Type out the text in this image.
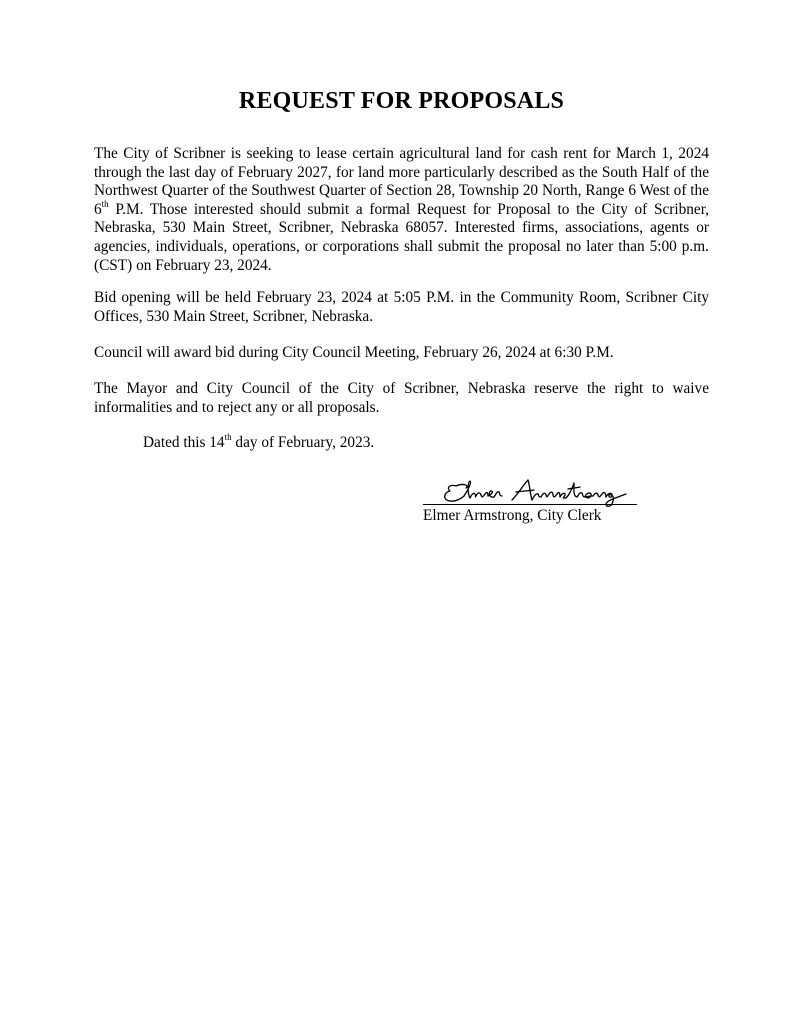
REQUEST FOR PROPOSALS
The City of Scribner is seeking to lease certain agricultural land for cash rent for March 1, 2024 through the last day of February 2027, for land more particularly described as the South Half of the Northwest Quarter of the Southwest Quarter of Section 28, Township 20 North, Range 6 West of the 6th P.M. Those interested should submit a formal Request for Proposal to the City of Scribner, Nebraska, 530 Main Street, Scribner, Nebraska 68057. Interested firms, associations, agents or agencies, individuals, operations, or corporations shall submit the proposal no later than 5:00 p.m. (CST) on February 23, 2024.
Bid opening will be held February 23, 2024 at 5:05 P.M. in the Community Room, Scribner City Offices, 530 Main Street, Scribner, Nebraska.
Council will award bid during City Council Meeting, February 26, 2024 at 6:30 P.M.
The Mayor and City Council of the City of Scribner, Nebraska reserve the right to waive informalities and to reject any or all proposals.
Dated this 14th day of February, 2023.
Elmer Armstrong, City Clerk
